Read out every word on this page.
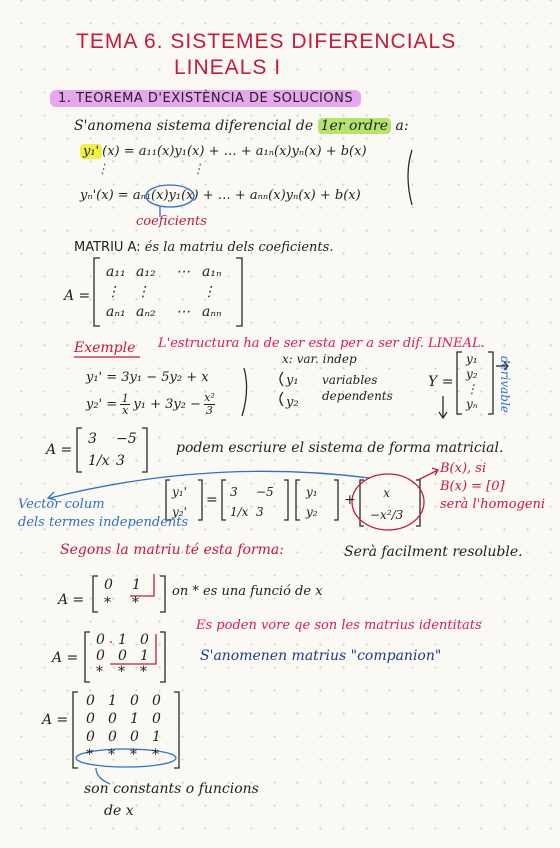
TEMA 6. SISTEMES DIFERENCIALS
LINEALS I
1. TEOREMA D'EXISTÈNCIA DE SOLUCIONS
S'anomena sistema diferencial de 1er ordre a:
y₁' (x) = a₁₁(x)y₁(x) + … + a₁ₙ(x)yₙ(x) + b(x)
⋮                    ⋮
yₙ'(x) = aₙ₁(x)y₁(x) + … + aₙₙ(x)yₙ(x) + b(x)
coeficients
MATRIU A: és la matriu dels coeficients.
A =
a₁₁ a₁₂ ⋯ a₁ₙ
⋮ ⋮	⋮
aₙ₁ aₙ₂ ⋯ aₙₙ
Exemple L'estructura ha de ser esta per a ser dif. LINEAL.
x: var. indep
y₁' = 3y₁ − 5y₂ + x
$y_2' = \frac{1}{x} y_1 + 3y_2 - \frac{\text{x²}}{3}$
y₁
y₂
variables
dependents
Y =
y₁
y₂
⋮
yₙ derivable
A =
3 −5
1/x 3
podem escriure el sistema de forma matricial.
y₁'
y₂'
= 3 −5
1/x 3
y₁
y₂
+	x
−x²/3
B(x), si
B(x) = [0]
serà l'homogeni
Vector colum
dels termes independents
Segons la matriu té esta forma:	Serà facilment resoluble.
A =
0 1
* *
on * es una funció de x
A =
0 1 0
0 0 1
* * *
Es poden vore qe son les matrius identitats
S'anomenen matrius "companion"
A =
0 1 0 0
0 0 1 0
0 0 0 1
* * * *
son constants o funcions
de x
